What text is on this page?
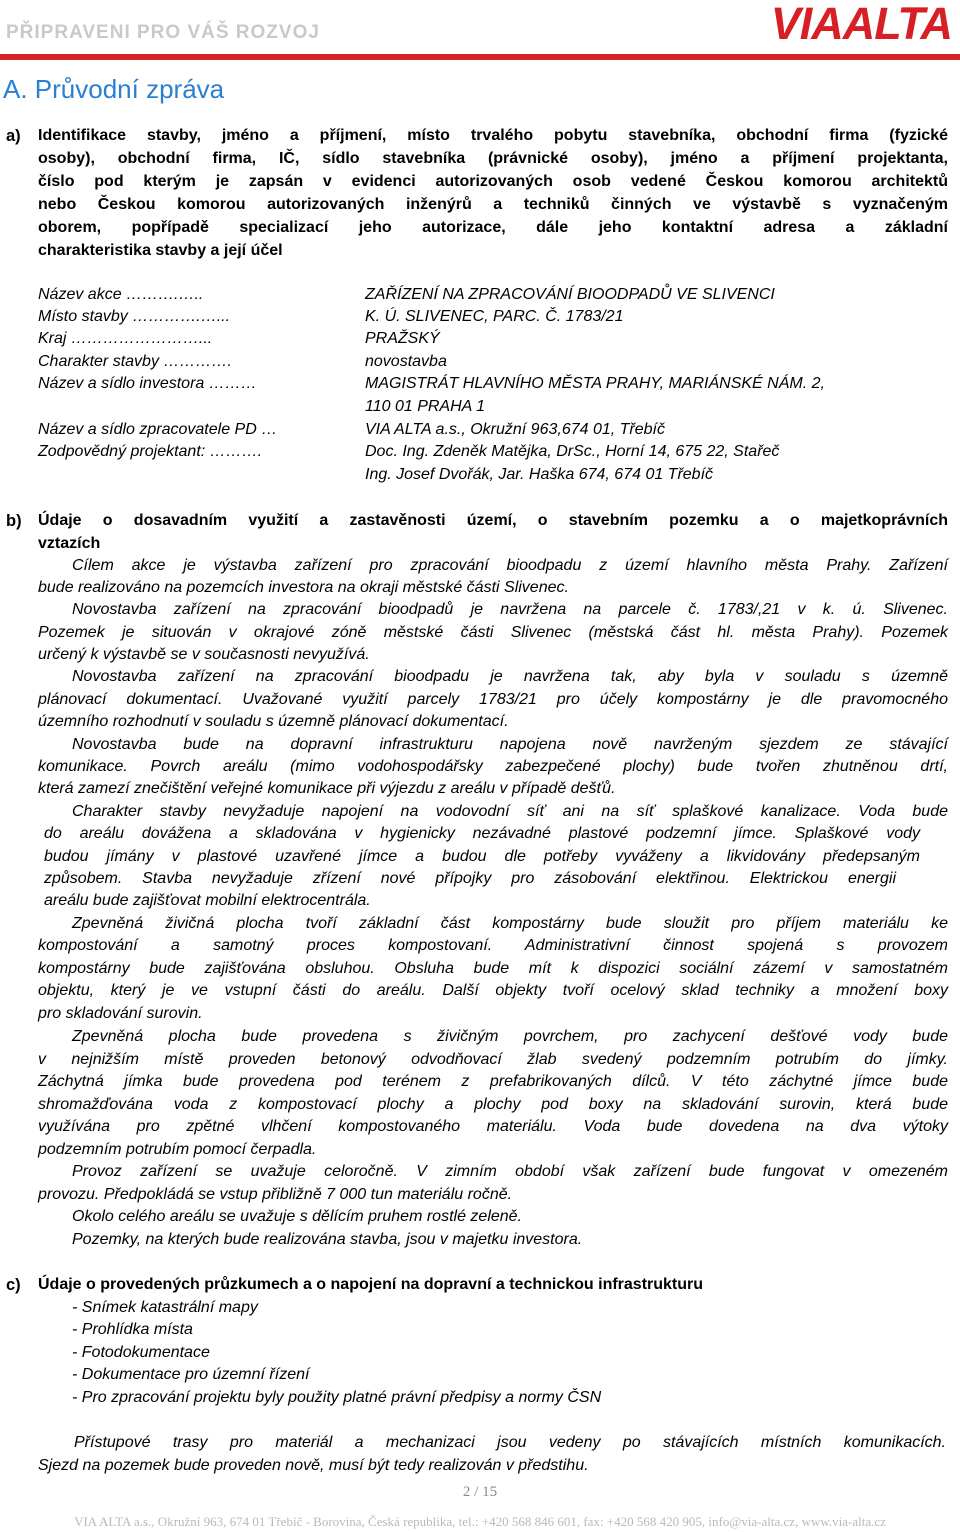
PŘIPRAVENI PRO VÁŠ ROZVOJ	VIAALTA
A. Průvodní zpráva
a) Identifikace stavby, jméno a příjmení, místo trvalého pobytu stavebníka, obchodní firma (fyzické
osoby), obchodní firma, IČ, sídlo stavebníka (právnické osoby), jméno a příjmení projektanta,
číslo pod kterým je zapsán v evidenci autorizovaných osob vedené Českou komorou architektů
nebo Českou komorou autorizovaných inženýrů a techniků činných ve výstavbě s vyznačeným
oborem, popřípadě specializací jeho autorizace, dále jeho kontaktní adresa a základní
charakteristika stavby a její účel
Název akce ……….…..	ZAŘÍZENÍ NA ZPRACOVÁNÍ BIOODPADŮ VE SLIVENCI
Místo stavby ………….…...	K. Ú. SLIVENEC, PARC. Č. 1783/21
Kraj ……………………...	PRAŽSKÝ
Charakter stavby ………….	novostavba
Název a sídlo investora ………	MAGISTRÁT HLAVNÍHO MĚSTA PRAHY, MARIÁNSKÉ NÁM. 2,
110 01 PRAHA 1
Název a sídlo zpracovatele PD …	VIA ALTA a.s., Okružní 963,674 01, Třebíč
Zodpovědný projektant: ……….	Doc. Ing. Zdeněk Matějka, DrSc., Horní 14, 675 22, Stařeč
Ing. Josef Dvořák, Jar. Haška 674, 674 01 Třebíč
b) Údaje o dosavadním využití a zastavěnosti území, o stavebním pozemku a o majetkoprávních
vztazích
Cílem akce je výstavba zařízení pro zpracování bioodpadu z území hlavního města Prahy. Zařízení
bude realizováno na pozemcích investora na okraji městské části Slivenec.
Novostavba zařízení na zpracování bioodpadů je navržena na parcele č. 1783/,21 v k. ú. Slivenec.
Pozemek je situován v okrajové zóně městské části Slivenec (městská část hl. města Prahy). Pozemek
určený k výstavbě se v současnosti nevyužívá.
Novostavba zařízení na zpracování bioodpadu je navržena tak, aby byla v souladu s územně
plánovací dokumentací. Uvažované využití parcely 1783/21 pro účely kompostárny je dle pravomocného
územního rozhodnutí v souladu s územně plánovací dokumentací.
Novostavba bude na dopravní infrastrukturu napojena nově navrženým sjezdem ze stávající
komunikace. Povrch areálu (mimo vodohospodářsky zabezpečené plochy) bude tvořen zhutněnou drtí,
která zamezí znečištění veřejné komunikace při výjezdu z areálu v případě dešťů.
Charakter stavby nevyžaduje napojení na vodovodní síť ani na síť splaškové kanalizace. Voda bude
do areálu dovážena a skladována v hygienicky nezávadné plastové podzemní jímce. Splaškové vody
budou jímány v plastové uzavřené jímce a budou dle potřeby vyváženy a likvidovány předepsaným
způsobem. Stavba nevyžaduje zřízení nové přípojky pro zásobování elektřinou. Elektrickou energii
areálu bude zajišťovat mobilní elektrocentrála.
Zpevněná živičná plocha tvoří základní část kompostárny bude sloužit pro příjem materiálu ke
kompostování a samotný proces kompostovaní. Administrativní činnost spojená s provozem
kompostárny bude zajišťována obsluhou. Obsluha bude mít k dispozici sociální zázemí v samostatném
objektu, který je ve vstupní části do areálu. Další objekty tvoří ocelový sklad techniky a množení boxy
pro skladování surovin.
Zpevněná plocha bude provedena s živičným povrchem, pro zachycení dešťové vody bude
v nejnižším místě proveden betonový odvodňovací žlab svedený podzemním potrubím do jímky.
Záchytná jímka bude provedena pod terénem z prefabrikovaných dílců. V této záchytné jímce bude
shromažďována voda z kompostovací plochy a plochy pod boxy na skladování surovin, která bude
využívána pro zpětné vlhčení kompostovaného materiálu. Voda bude dovedena na dva výtoky
podzemním potrubím pomocí čerpadla.
Provoz zařízení se uvažuje celoročně. V zimním období však zařízení bude fungovat v omezeném
provozu. Předpokládá se vstup přibližně 7 000 tun materiálu ročně.
Okolo celého areálu se uvažuje s dělícím pruhem rostlé zeleně.
Pozemky, na kterých bude realizována stavba, jsou v majetku investora.
c) Údaje o provedených průzkumech a o napojení na dopravní a technickou infrastrukturu
- Snímek katastrální mapy
- Prohlídka místa
- Fotodokumentace
- Dokumentace pro územní řízení
- Pro zpracování projektu byly použity platné právní předpisy a normy ČSN
Přístupové trasy pro materiál a mechanizaci jsou vedeny po stávajících místních komunikacích.
Sjezd na pozemek bude proveden nově, musí být tedy realizován v předstihu.
2 / 15
VIA ALTA a.s., Okružní 963, 674 01 Třebíč - Borovina, Česká republika, tel.: +420 568 846 601, fax: +420 568 420 905, info@via-alta.cz, www.via-alta.cz
